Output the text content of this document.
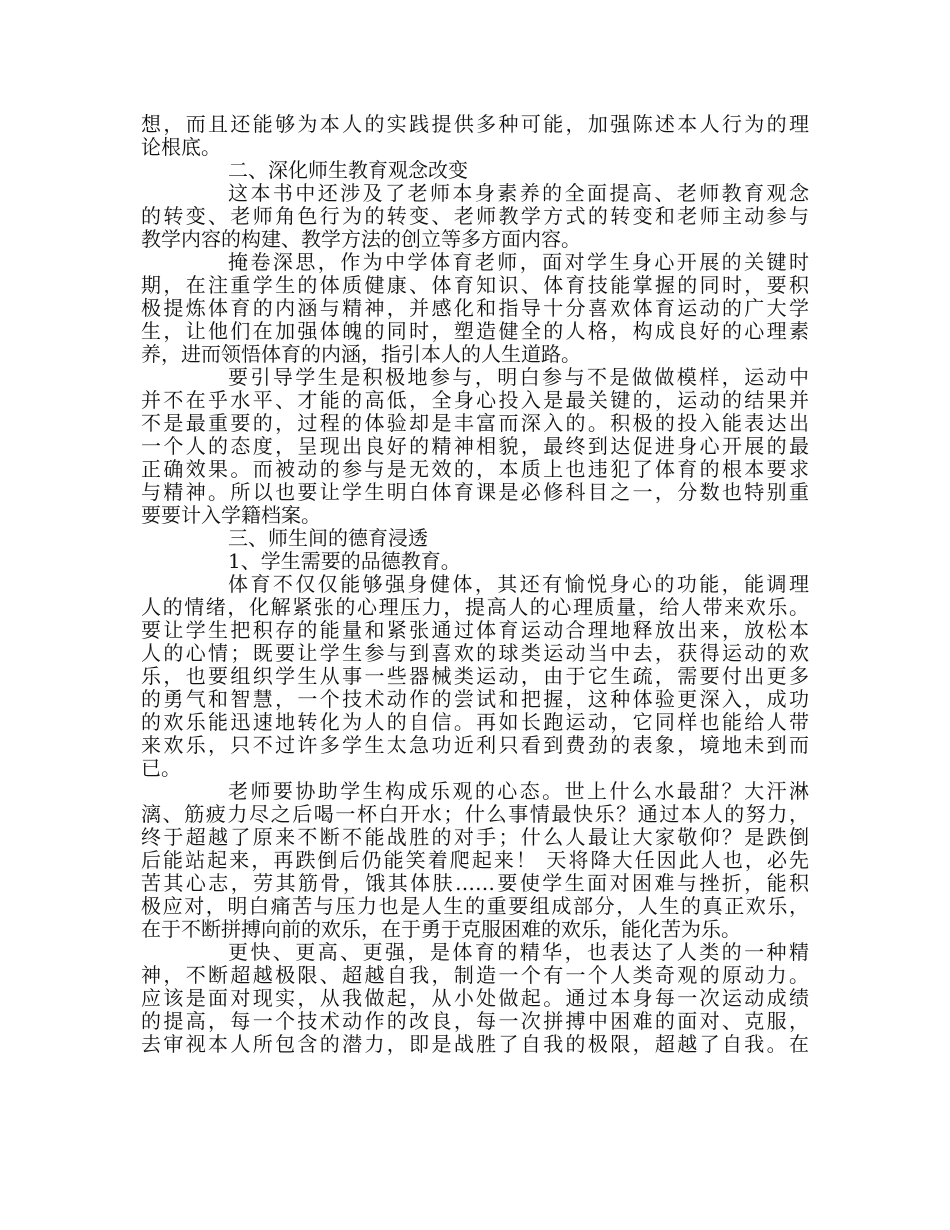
想，而且还能够为本人的实践提供多种可能，加强陈述本人行为的理
论根底。
二、深化师生教育观念改变
这本书中还涉及了老师本身素养的全面提高、老师教育观念
的转变、老师角色行为的转变、老师教学方式的转变和老师主动参与
教学内容的构建、教学方法的创立等多方面内容。
掩卷深思，作为中学体育老师，面对学生身心开展的关键时
期，在注重学生的体质健康、体育知识、体育技能掌握的同时，要积
极提炼体育的内涵与精神，并感化和指导十分喜欢体育运动的广大学
生，让他们在加强体魄的同时，塑造健全的人格，构成良好的心理素
养，进而领悟体育的内涵，指引本人的人生道路。
要引导学生是积极地参与，明白参与不是做做模样，运动中
并不在乎水平、才能的高低，全身心投入是最关键的，运动的结果并
不是最重要的，过程的体验却是丰富而深入的。积极的投入能表达出
一个人的态度，呈现出良好的精神相貌，最终到达促进身心开展的最
正确效果。而被动的参与是无效的，本质上也违犯了体育的根本要求
与精神。所以也要让学生明白体育课是必修科目之一，分数也特别重
要要计入学籍档案。
三、师生间的德育浸透
1、学生需要的品德教育。
体育不仅仅能够强身健体，其还有愉悦身心的功能，能调理
人的情绪，化解紧张的心理压力，提高人的心理质量，给人带来欢乐。
要让学生把积存的能量和紧张通过体育运动合理地释放出来，放松本
人的心情；既要让学生参与到喜欢的球类运动当中去，获得运动的欢
乐，也要组织学生从事一些器械类运动，由于它生疏，需要付出更多
的勇气和智慧，一个技术动作的尝试和把握，这种体验更深入，成功
的欢乐能迅速地转化为人的自信。再如长跑运动，它同样也能给人带
来欢乐，只不过许多学生太急功近利只看到费劲的表象，境地未到而
已。
老师要协助学生构成乐观的心态。世上什么水最甜？大汗淋
漓、筋疲力尽之后喝一杯白开水；什么事情最快乐？通过本人的努力，
终于超越了原来不断不能战胜的对手；什么人最让大家敬仰？是跌倒
后能站起来，再跌倒后仍能笑着爬起来！ 天将降大任因此人也，必先
苦其心志，劳其筋骨，饿其体肤……要使学生面对困难与挫折，能积
极应对，明白痛苦与压力也是人生的重要组成部分，人生的真正欢乐，
在于不断拼搏向前的欢乐，在于勇于克服困难的欢乐，能化苦为乐。
更快、更高、更强，是体育的精华，也表达了人类的一种精
神，不断超越极限、超越自我，制造一个有一个人类奇观的原动力。
应该是面对现实，从我做起，从小处做起。通过本身每一次运动成绩
的提高，每一个技术动作的改良，每一次拼搏中困难的面对、克服，
去审视本人所包含的潜力，即是战胜了自我的极限，超越了自我。在
